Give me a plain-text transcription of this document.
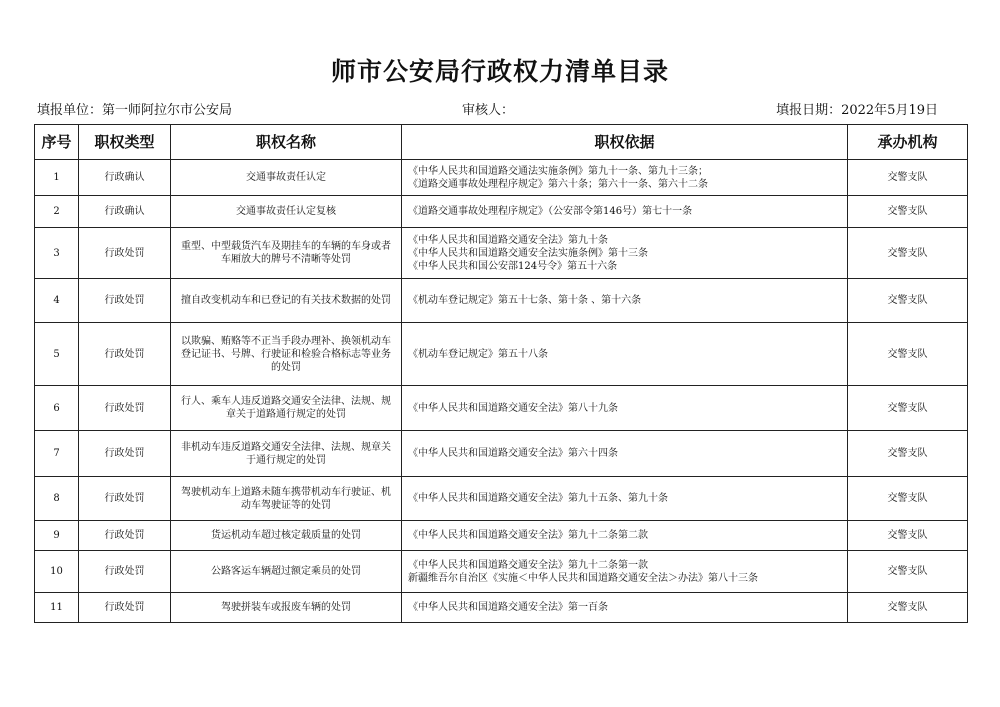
师市公安局行政权力清单目录
填报单位：第一师阿拉尔市公安局	审核人：	填报日期：2022年5月19日
序号	职权类型	职权名称	职权依据	承办机构
1	行政确认	交通事故责任认定	《中华人民共和国道路交通法实施条例》第九十一条、第九十三条；
《道路交通事故处理程序规定》第六十条；第六十一条、第六十二条	交警支队
2	行政确认	交通事故责任认定复核	《道路交通事故处理程序规定》（公安部令第146号）第七十一条	交警支队
3	行政处罚	重型、中型载货汽车及期挂车的车辆的车身或者车厢放大的牌号不清晰等处罚	《中华人民共和国道路交通安全法》第九十条
《中华人民共和国道路交通安全法实施条例》第十三条
《中华人民共和国公安部124号令》第五十六条	交警支队
4	行政处罚	擅自改变机动车和已登记的有关技术数据的处罚	《机动车登记规定》第五十七条、第十条 、第十六条	交警支队
5	行政处罚	以欺骗、贿赂等不正当手段办理补、换领机动车登记证书、号牌、行驶证和检验合格标志等业务的处罚	《机动车登记规定》第五十八条	交警支队
6	行政处罚	行人、乘车人违反道路交通安全法律、法规、规章关于道路通行规定的处罚	《中华人民共和国道路交通安全法》第八十九条	交警支队
7	行政处罚	非机动车违反道路交通安全法律、法规、规章关于通行规定的处罚	《中华人民共和国道路交通安全法》第六十四条	交警支队
8	行政处罚	驾驶机动车上道路未随车携带机动车行驶证、机动车驾驶证等的处罚	《中华人民共和国道路交通安全法》第九十五条、第九十条	交警支队
9	行政处罚	货运机动车超过核定载质量的处罚	《中华人民共和国道路交通安全法》第九十二条第二款	交警支队
10	行政处罚	公路客运车辆超过额定乘员的处罚	《中华人民共和国道路交通安全法》第九十二条第一款
新疆维吾尔自治区《实施＜中华人民共和国道路交通安全法＞办法》第八十三条	交警支队
11	行政处罚	驾驶拼装车或报废车辆的处罚	《中华人民共和国道路交通安全法》第一百条	交警支队
